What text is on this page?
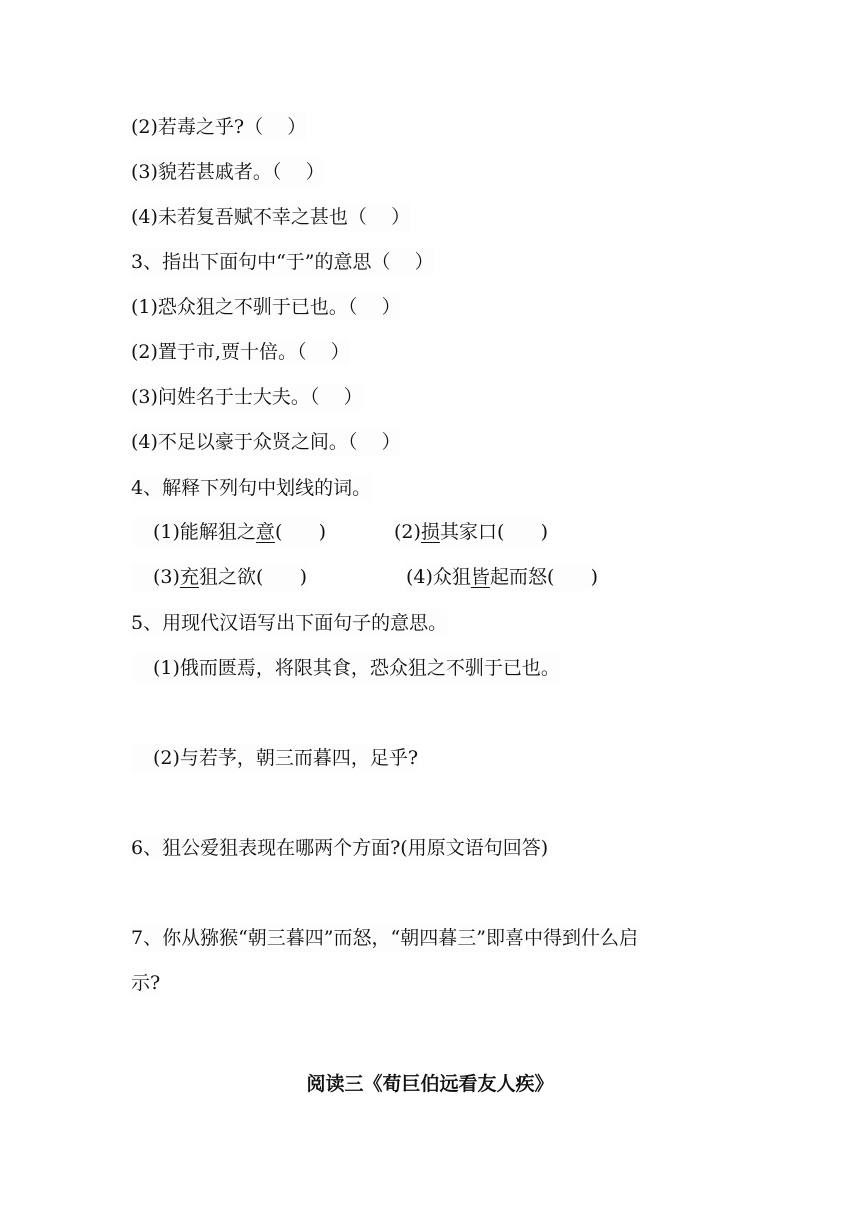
(2)若毒之乎?（    ）
(3)貌若甚戚者。（    ）
(4)未若复吾赋不幸之甚也（    ）
3、指出下面句中“于”的意思（    ）
(1)恐众狙之不驯于已也。（    ）
(2)置于市,贾十倍。（    ）
(3)问姓名于士大夫。（    ）
(4)不足以豪于众贤之间。（    ）
4、解释下列句中划线的词。
(1)能解狙之意(      )	(2)损其家口(      )
(3)充狙之欲(      )	(4)众狙皆起而怒(      )
5、用现代汉语写出下面句子的意思。
(1)俄而匮焉，将限其食，恐众狙之不驯于已也。
(2)与若芧，朝三而暮四，足乎?
6、狙公爱狙表现在哪两个方面?(用原文语句回答)
7、你从猕猴“朝三暮四”而怒，“朝四暮三”即喜中得到什么启
示?
阅读三《荀巨伯远看友人疾》
